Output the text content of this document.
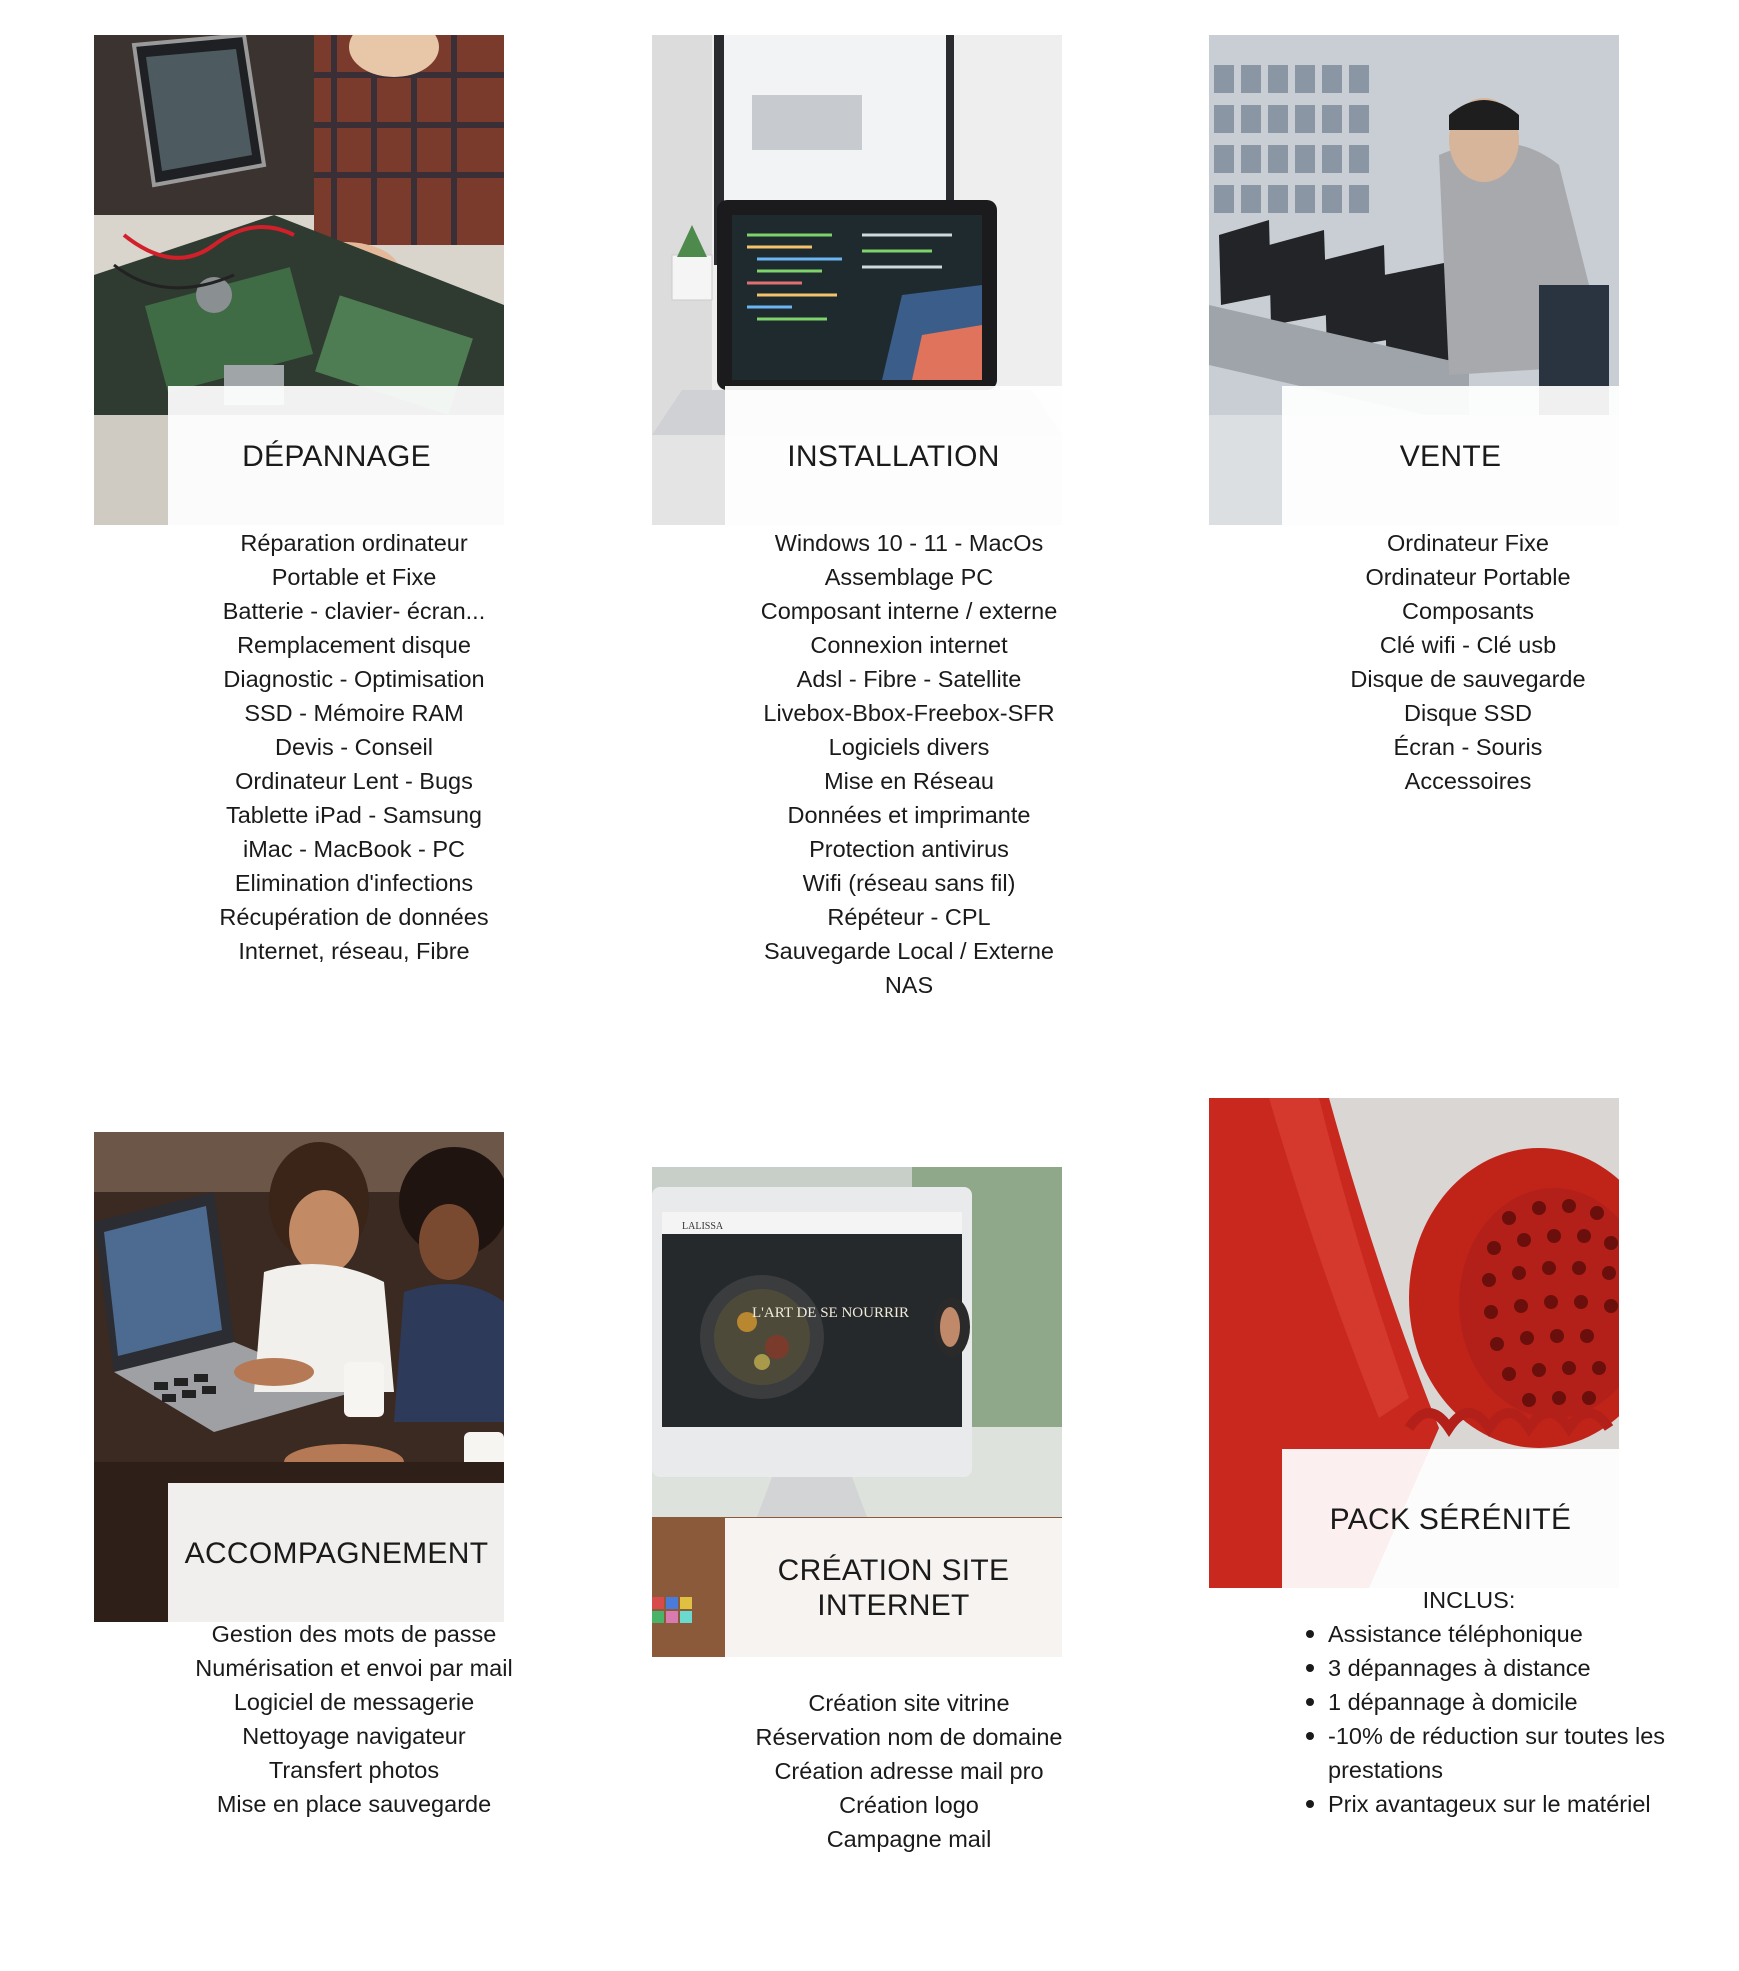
DÉPANNAGE
Réparation ordinateur
Portable et Fixe
Batterie - clavier- écran...
Remplacement disque
Diagnostic - Optimisation
SSD - Mémoire RAM
Devis - Conseil
Ordinateur Lent - Bugs
Tablette iPad - Samsung
iMac - MacBook - PC
Elimination d'infections
Récupération de données
Internet, réseau, Fibre
INSTALLATION
Windows 10 - 11 - MacOs
Assemblage PC
Composant interne / externe
Connexion internet
Adsl - Fibre - Satellite
Livebox-Bbox-Freebox-SFR
Logiciels divers
Mise en Réseau
Données et imprimante
Protection antivirus
Wifi (réseau sans fil)
Répéteur - CPL
Sauvegarde Local / Externe
NAS
VENTE
Ordinateur Fixe
Ordinateur Portable
Composants
Clé wifi - Clé usb
Disque de sauvegarde
Disque SSD
Écran - Souris
Accessoires
ACCOMPAGNEMENT
Gestion des mots de passe
Numérisation et envoi par mail
Logiciel de messagerie
Nettoyage navigateur
Transfert photos
Mise en place sauvegarde
LALISSA
L'ART DE SE NOURRIR
CRÉATION SITE
INTERNET
Création site vitrine
Réservation nom de domaine
Création adresse mail pro
Création logo
Campagne mail
PACK SÉRÉNITÉ
INCLUS:
Assistance téléphonique
3 dépannages à distance
1 dépannage à domicile
-10% de réduction sur toutes les prestations
Prix avantageux sur le matériel
